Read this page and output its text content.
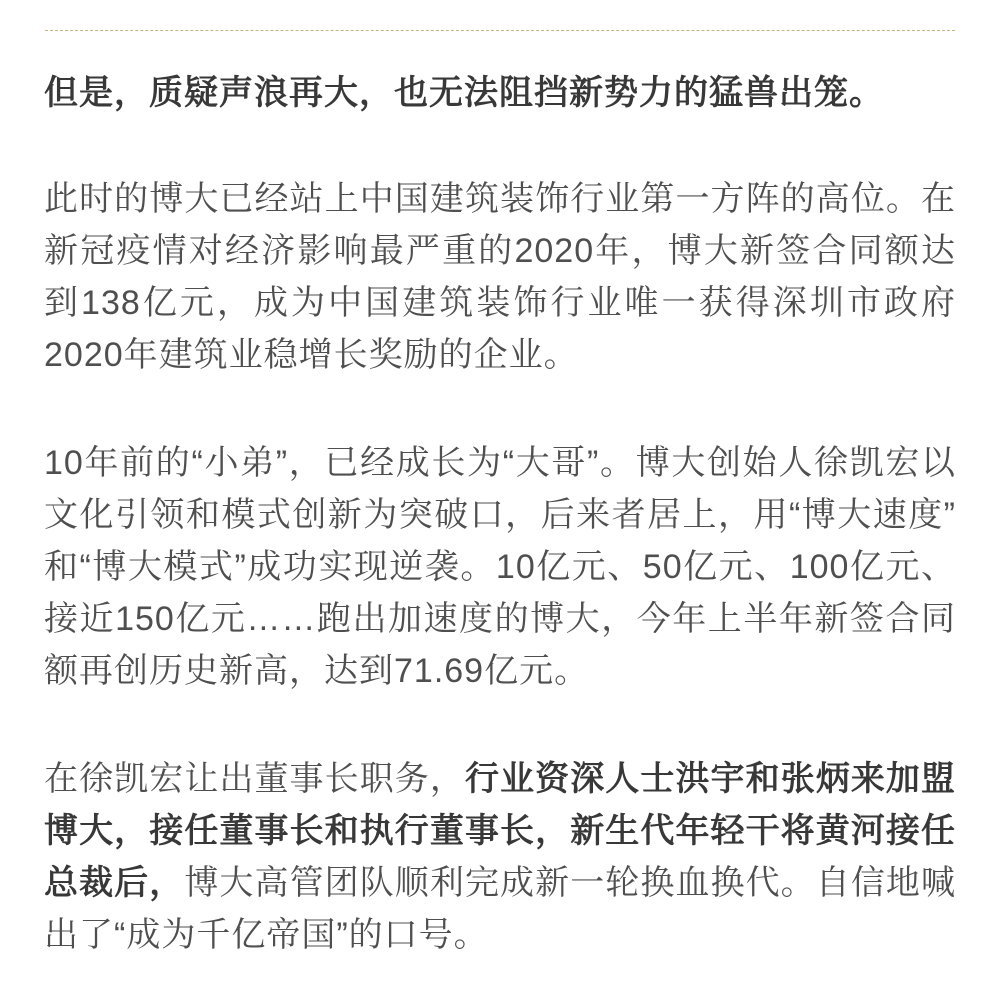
但是，质疑声浪再大，也无法阻挡新势力的猛兽出笼。

此时的博大已经站上中国建筑装饰行业第一方阵的高位。在新冠疫情对经济影响最严重的2020年，博大新签合同额达到138亿元，成为中国建筑装饰行业唯一获得深圳市政府2020年建筑业稳增长奖励的企业。

10年前的“小弟”，已经成长为“大哥”。博大创始人徐凯宏以文化引领和模式创新为突破口，后来者居上，用“博大速度”和“博大模式”成功实现逆袭。10亿元、50亿元、100亿元、接近150亿元……跑出加速度的博大，今年上半年新签合同额再创历史新高，达到71.69亿元。

在徐凯宏让出董事长职务，行业资深人士洪宇和张炳来加盟博大，接任董事长和执行董事长，新生代年轻干将黄河接任总裁后，博大高管团队顺利完成新一轮换血换代。自信地喊出了“成为千亿帝国”的口号。
